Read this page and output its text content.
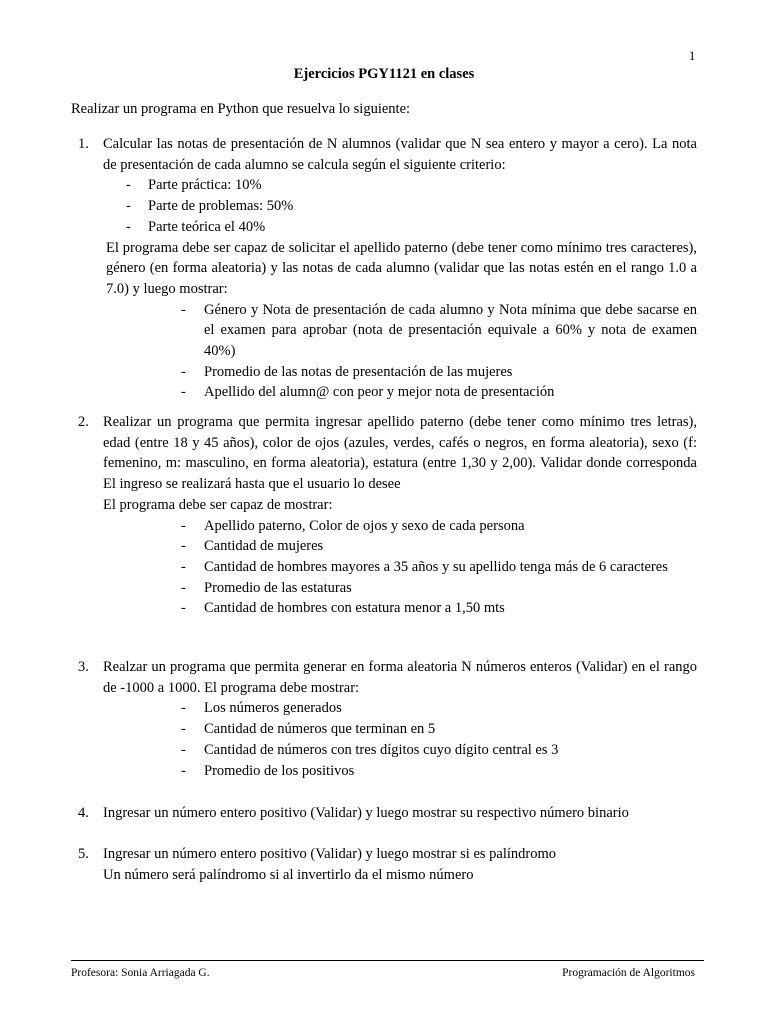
1
Ejercicios PGY1121 en clases
Realizar un programa en Python que resuelva lo siguiente:
1. Calcular las notas de presentación de N alumnos (validar que N sea entero y mayor a cero). La nota de presentación de cada alumno se calcula según el siguiente criterio:

- Parte práctica: 10%
- Parte de problemas: 50%
- Parte teórica el 40%

El programa debe ser capaz de solicitar el apellido paterno (debe tener como mínimo tres caracteres), género (en forma aleatoria) y las notas de cada alumno (validar que las notas estén en el rango 1.0 a 7.0) y luego mostrar:

- Género y Nota de presentación de cada alumno y Nota mínima que debe sacarse en el examen para aprobar (nota de presentación equivale a 60% y nota de examen 40%)
- Promedio de las notas de presentación de las mujeres
- Apellido del alumn@ con peor y mejor nota de presentación
2. Realizar un programa que permita ingresar apellido paterno (debe tener como mínimo tres letras), edad (entre 18 y 45 años), color de ojos (azules, verdes, cafés o negros, en forma aleatoria), sexo (f: femenino, m: masculino, en forma aleatoria), estatura (entre 1,30 y 2,00). Validar donde corresponda El ingreso se realizará hasta que el usuario lo desee

El programa debe ser capaz de mostrar:

- Apellido paterno, Color de ojos y sexo de cada persona
- Cantidad de mujeres
- Cantidad de hombres mayores a 35 años y su apellido tenga más de 6 caracteres
- Promedio de las estaturas
- Cantidad de hombres con estatura menor a 1,50 mts
3. Realzar un programa que permita generar en forma aleatoria N números enteros (Validar) en el rango de -1000 a 1000. El programa debe mostrar:

- Los números generados
- Cantidad de números que terminan en 5
- Cantidad de números con tres dígitos cuyo dígito central es 3
- Promedio de los positivos
4. Ingresar un número entero positivo (Validar) y luego mostrar su respectivo número binario

5. Ingresar un número entero positivo (Validar) y luego mostrar si es palíndromo

Un número será palíndromo si al invertirlo da el mismo número

Profesora: Sonia Arriagada G.	Programación de Algoritmos
